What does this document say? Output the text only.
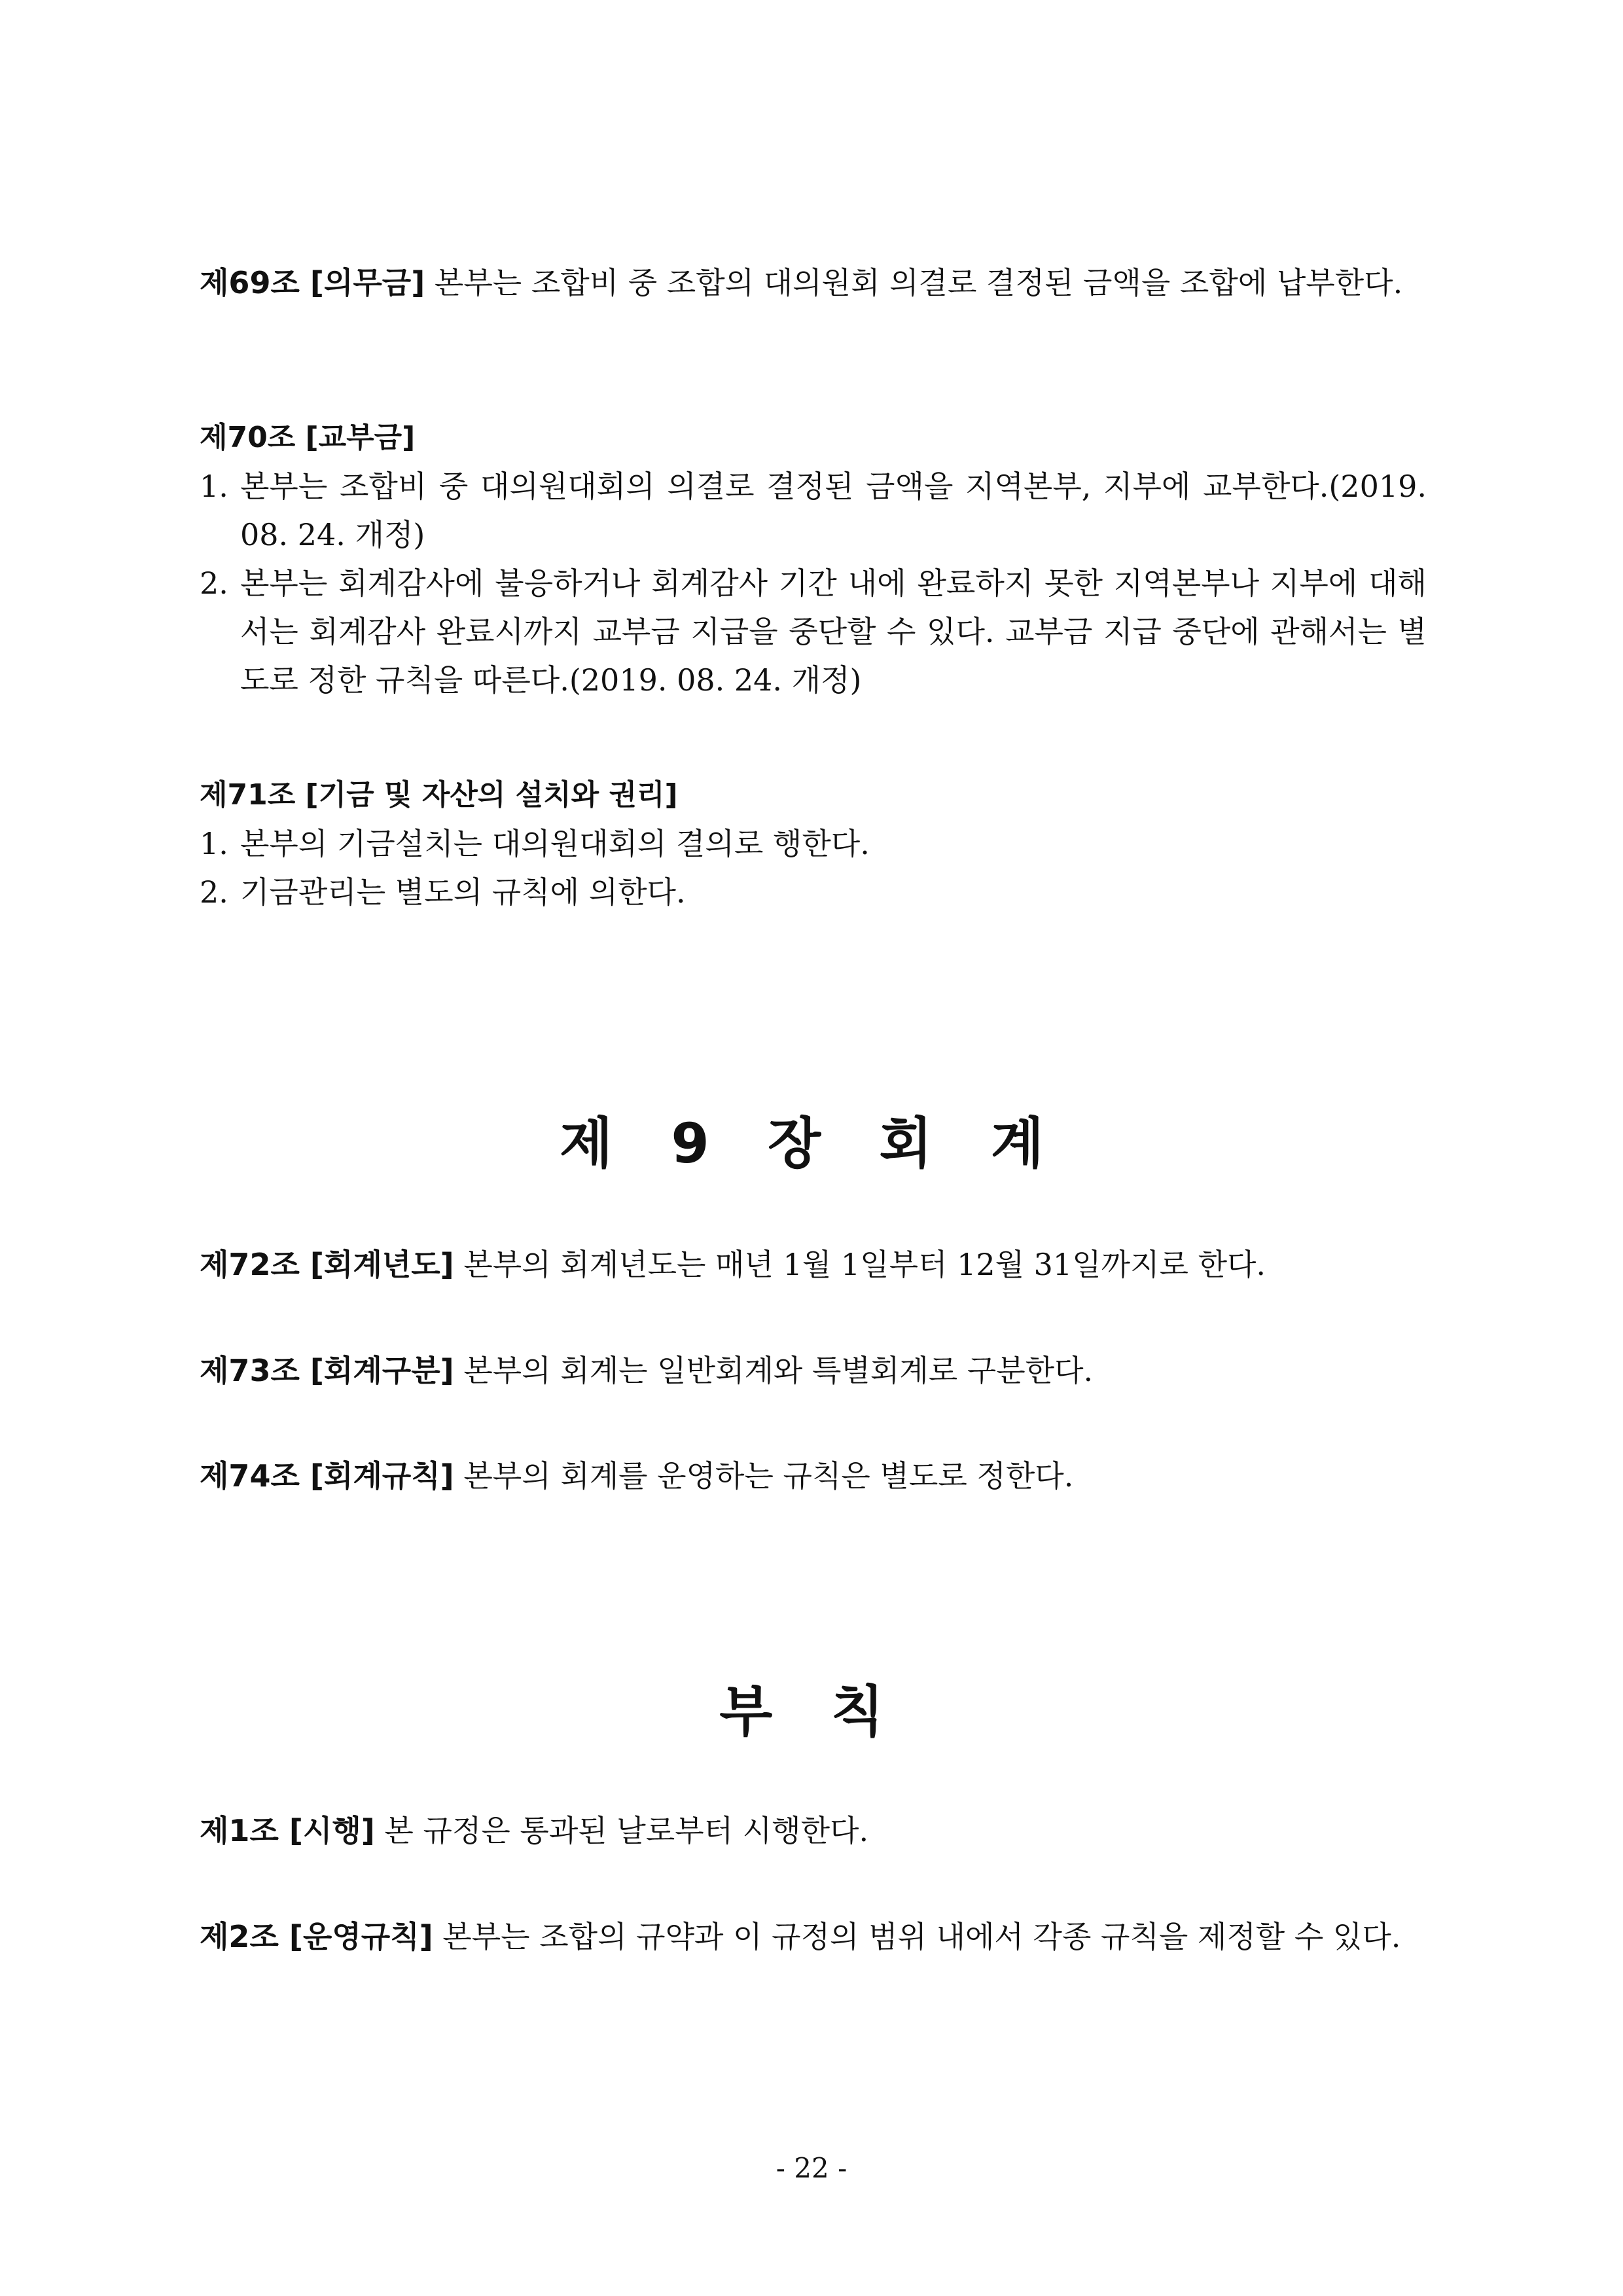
제69조 [의무금] 본부는 조합비 중 조합의 대의원회 의결로 결정된 금액을 조합에 납부한다.

제70조 [교부금]

1. 본부는 조합비 중 대의원대회의 의결로 결정된 금액을 지역본부, 지부에 교부한다.(2019. 08. 24. 개정)
2. 본부는 회계감사에 불응하거나 회계감사 기간 내에 완료하지 못한 지역본부나 지부에 대해서는 회계감사 완료시까지 교부금 지급을 중단할 수 있다. 교부금 지급 중단에 관해서는 별도로 정한 규칙을 따른다.(2019. 08. 24. 개정)

제71조 [기금 및 자산의 설치와 권리]

1. 본부의 기금설치는 대의원대회의 결의로 행한다.
2. 기금관리는 별도의 규칙에 의한다.
제 9 장 회 계

제72조 [회계년도] 본부의 회계년도는 매년 1월 1일부터 12월 31일까지로 한다.

제73조 [회계구분] 본부의 회계는 일반회계와 특별회계로 구분한다.

제74조 [회계규칙] 본부의 회계를 운영하는 규칙은 별도로 정한다.

부 칙

제1조 [시행] 본 규정은 통과된 날로부터 시행한다.

제2조 [운영규칙] 본부는 조합의 규약과 이 규정의 범위 내에서 각종 규칙을 제정할 수 있다.

- 22 -
